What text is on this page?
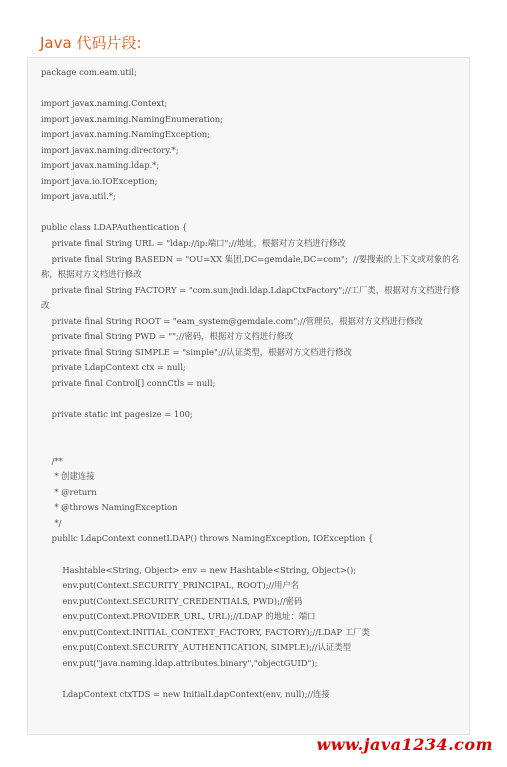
Java 代码片段:
package com.eam.util;
import javax.naming.Context;
import javax.naming.NamingEnumeration;
import javax.naming.NamingException;
import javax.naming.directory.*;
import javax.naming.ldap.*;
import java.io.IOException;
import java.util.*;
public class LDAPAuthentication {
private final String URL = "ldap://ip:端口";//地址，根据对方文档进行修改
private final String BASEDN = "OU=XX 集团,DC=gemdale,DC=com";  //要搜索的上下文或对象的名称，根据对方文档进行修改
private final String FACTORY = "com.sun.jndi.ldap.LdapCtxFactory";//工厂类，根据对方文档进行修改
private final String ROOT = "eam_system@gemdale.com";//管理员，根据对方文档进行修改
private final String PWD = "";//密码，根据对方文档进行修改
private final String SIMPLE = "simple";//认证类型，根据对方文档进行修改
private LdapContext ctx = null;
private final Control[] connCtls = null;
private static int pagesize = 100;
/**
* 创建连接
* @return
* @throws NamingException
*/
public LdapContext connetLDAP() throws NamingException, IOException {
Hashtable<String, Object> env = new Hashtable<String, Object>();
env.put(Context.SECURITY_PRINCIPAL, ROOT);//用户名
env.put(Context.SECURITY_CREDENTIALS, PWD);//密码
env.put(Context.PROVIDER_URL, URL);//LDAP 的地址：端口
env.put(Context.INITIAL_CONTEXT_FACTORY, FACTORY);//LDAP 工厂类
env.put(Context.SECURITY_AUTHENTICATION, SIMPLE);//认证类型
env.put("java.naming.ldap.attributes.binary","objectGUID");
LdapContext ctxTDS = new InitialLdapContext(env, null);//连接
www.java1234.com
